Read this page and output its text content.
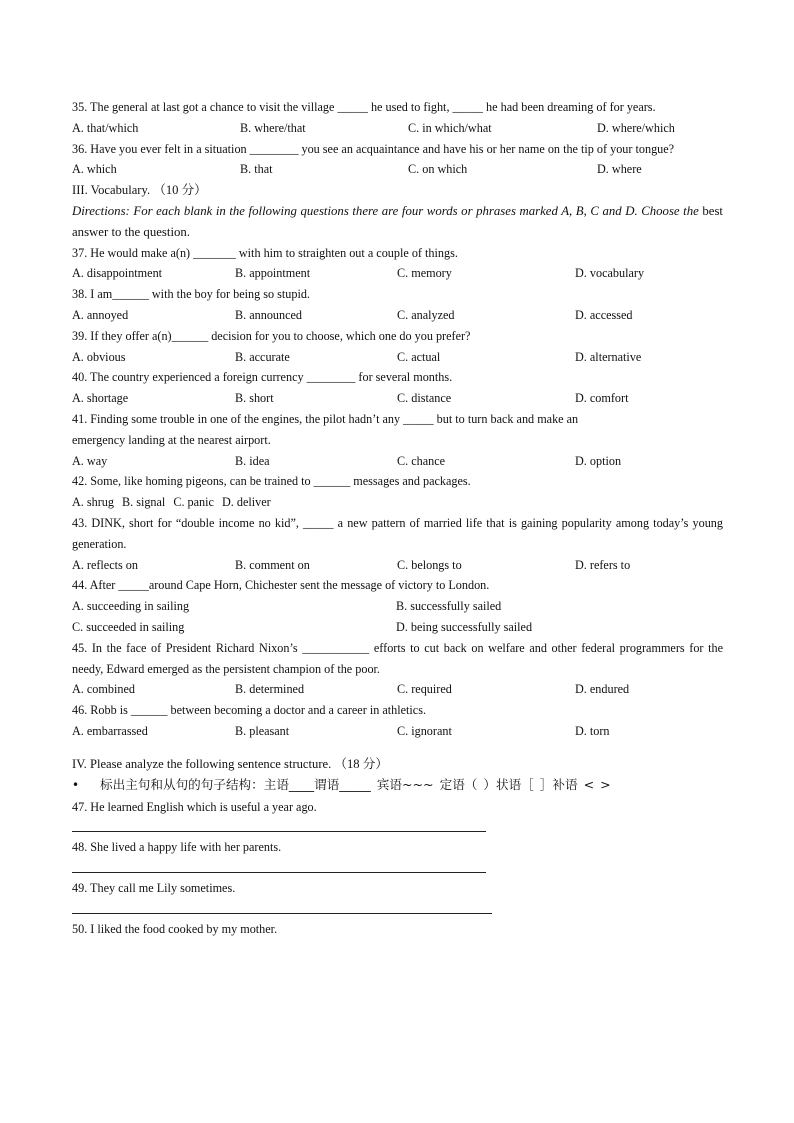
35. The general at last got a chance to visit the village _____ he used to fight, _____ he had been dreaming of for years.
A. that/which	B. where/that	C. in which/what	D. where/which
36. Have you ever felt in a situation ________ you see an acquaintance and have his or her name on the tip of your tongue?
A. which	B. that	C. on which	D. where
III. Vocabulary. （10 分）
Directions: For each blank in the following questions there are four words or phrases marked A, B, C and D. Choose the best answer to the question.
37. He would make a(n) _______ with him to straighten out a couple of things.
A. disappointment	B. appointment	C. memory	D. vocabulary
38. I am______ with the boy for being so stupid.
A. annoyed	B. announced	C. analyzed	D. accessed
39. If they offer a(n)______ decision for you to choose, which one do you prefer?
A. obvious	B. accurate	C. actual	D. alternative
40. The country experienced a foreign currency ________ for several months.
A. shortage	B. short	C. distance	D. comfort
41. Finding some trouble in one of the engines, the pilot hadn’t any _____ but to turn back and make an
emergency landing at the nearest airport.
A. way	B. idea	C. chance	D. option
42. Some, like homing pigeons, can be trained to ______ messages and packages.
A. shrug B. signal C. panic D. deliver
43. DINK, short for “double income no kid”, _____ a new pattern of married life that is gaining popularity among today’s young generation.
A. reflects on	B. comment on	C. belongs to	D. refers to
44. After _____around Cape Horn, Chichester sent the message of victory to London.
A. succeeding in sailing	B. successfully sailed
C. succeeded in sailing	D. being successfully sailed
45. In the face of President Richard Nixon’s ___________ efforts to cut back on welfare and other federal programmers for the needy, Edward emerged as the persistent champion of the poor.
A. combined	B. determined	C. required	D. endured
46. Robb is ______ between becoming a doctor and a career in athletics.
A. embarrassed	B. pleasant	C. ignorant	D. torn
IV. Please analyze the following sentence structure. （18 分）
•	标出主句和从句的句子结构：主语____谓语_____ 宾语~~~ 定语（ ）状语［ ］补语 < >
47. He learned English which is useful a year ago.
48. She lived a happy life with her parents.
49. They call me Lily sometimes.
50. I liked the food cooked by my mother.
